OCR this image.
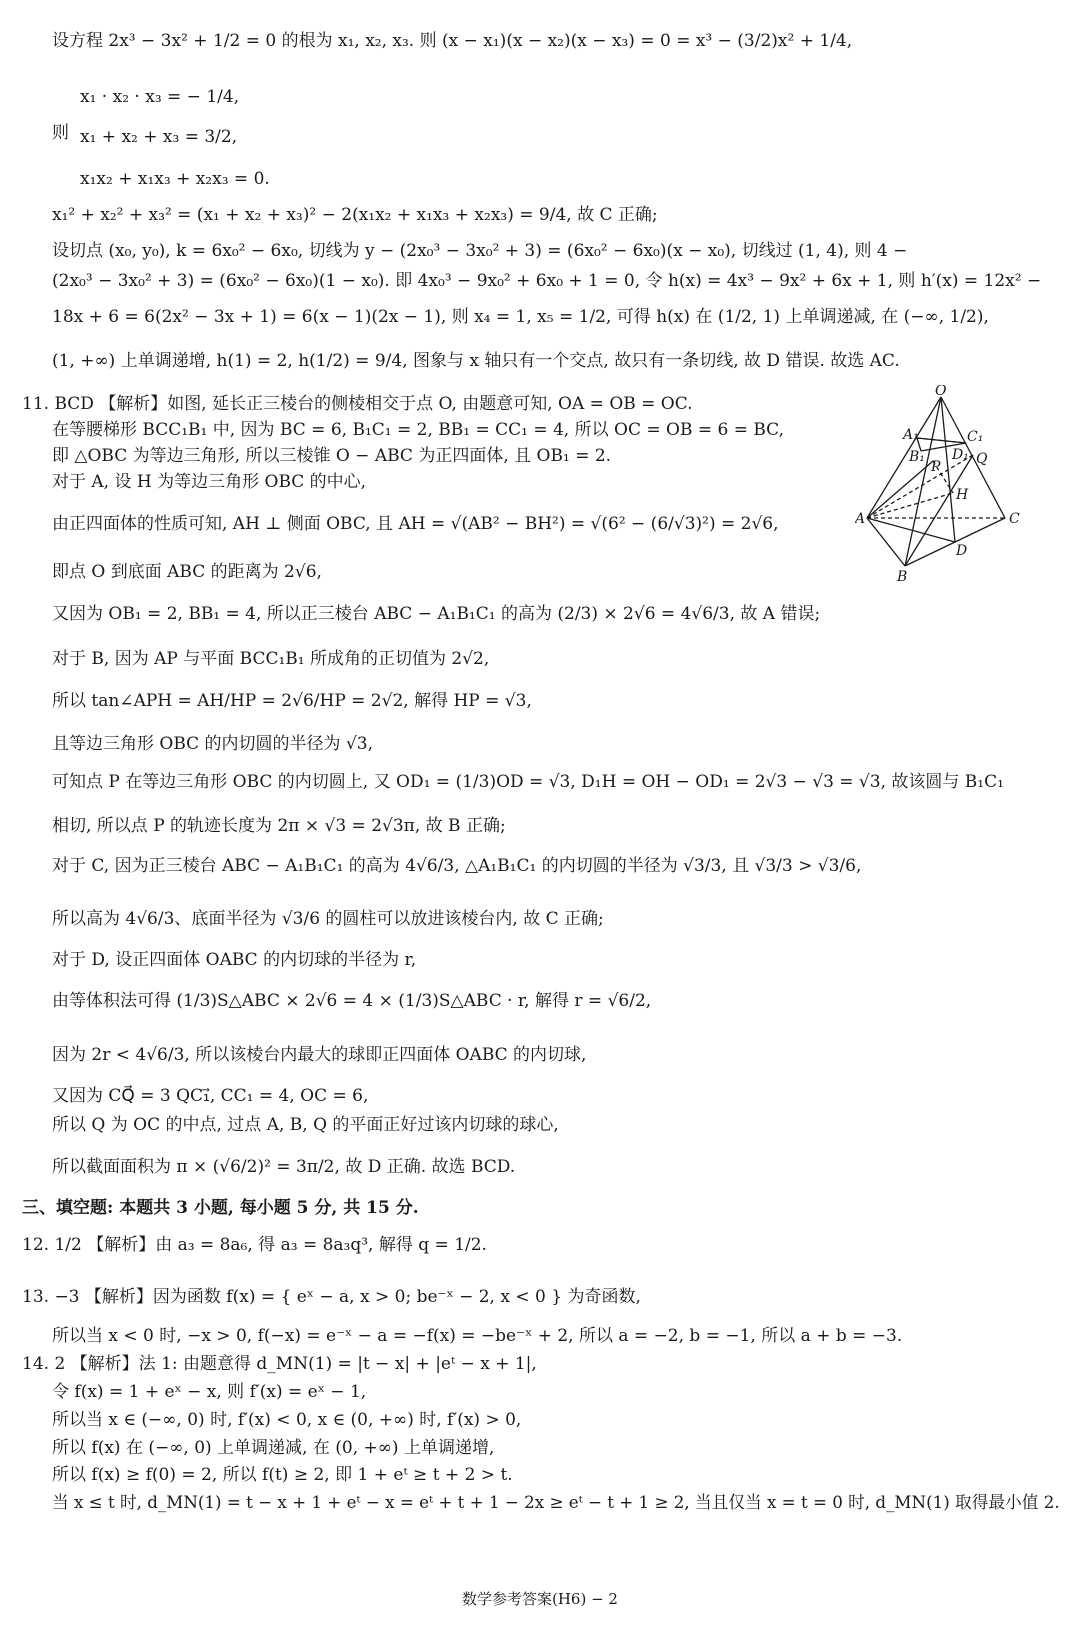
设方程 2x³ − 3x² + 1/2 = 0 的根为 x₁, x₂, x₃. 则 (x − x₁)(x − x₂)(x − x₃) = 0 = x³ − (3/2)x² + 1/4,
x₁ · x₂ · x₃ = − 1/4,
则 x₁ + x₂ + x₃ = 3/2,
x₁x₂ + x₁x₃ + x₂x₃ = 0.
x₁² + x₂² + x₃² = (x₁ + x₂ + x₃)² − 2(x₁x₂ + x₁x₃ + x₂x₃) = 9/4, 故 C 正确;
设切点 (x₀, y₀), k = 6x₀² − 6x₀, 切线为 y − (2x₀³ − 3x₀² + 3) = (6x₀² − 6x₀)(x − x₀), 切线过 (1, 4), 则 4 −
(2x₀³ − 3x₀² + 3) = (6x₀² − 6x₀)(1 − x₀). 即 4x₀³ − 9x₀² + 6x₀ + 1 = 0, 令 h(x) = 4x³ − 9x² + 6x + 1, 则 h′(x) = 12x² −
18x + 6 = 6(2x² − 3x + 1) = 6(x − 1)(2x − 1), 则 x₄ = 1, x₅ = 1/2, 可得 h(x) 在 (1/2, 1) 上单调递减, 在 (−∞, 1/2),
(1, +∞) 上单调递增, h(1) = 2, h(1/2) = 9/4, 图象与 x 轴只有一个交点, 故只有一条切线, 故 D 错误. 故选 AC.
11. BCD 【解析】如图, 延长正三棱台的侧棱相交于点 O, 由题意可知, OA = OB = OC.
在等腰梯形 BCC₁B₁ 中, 因为 BC = 6, B₁C₁ = 2, BB₁ = CC₁ = 4, 所以 OC = OB = 6 = BC,
即 △OBC 为等边三角形, 所以三棱锥 O − ABC 为正四面体, 且 OB₁ = 2.
对于 A, 设 H 为等边三角形 OBC 的中心,
由正四面体的性质可知, AH ⊥ 侧面 OBC, 且 AH = √(AB² − BH²) = √(6² − (6/√3)²) = 2√6,
即点 O 到底面 ABC 的距离为 2√6,
又因为 OB₁ = 2, BB₁ = 4, 所以正三棱台 ABC − A₁B₁C₁ 的高为 (2/3) × 2√6 = 4√6/3, 故 A 错误;
对于 B, 因为 AP 与平面 BCC₁B₁ 所成角的正切值为 2√2,
所以 tan∠APH = AH/HP = 2√6/HP = 2√2, 解得 HP = √3,
且等边三角形 OBC 的内切圆的半径为 √3,
可知点 P 在等边三角形 OBC 的内切圆上, 又 OD₁ = (1/3)OD = √3, D₁H = OH − OD₁ = 2√3 − √3 = √3, 故该圆与 B₁C₁
相切, 所以点 P 的轨迹长度为 2π × √3 = 2√3π, 故 B 正确;
对于 C, 因为正三棱台 ABC − A₁B₁C₁ 的高为 4√6/3, △A₁B₁C₁ 的内切圆的半径为 √3/3, 且 √3/3 > √3/6,
所以高为 4√6/3、底面半径为 √3/6 的圆柱可以放进该棱台内, 故 C 正确;
对于 D, 设正四面体 OABC 的内切球的半径为 r,
由等体积法可得 (1/3)S△ABC × 2√6 = 4 × (1/3)S△ABC · r, 解得 r = √6/2,
因为 2r < 4√6/3, 所以该棱台内最大的球即正四面体 OABC 的内切球,
又因为 CQ⃗ = 3 QC₁⃗, CC₁ = 4, OC = 6,
所以 Q 为 OC 的中点, 过点 A, B, Q 的平面正好过该内切球的球心,
所以截面面积为 π × (√6/2)² = 3π/2, 故 D 正确. 故选 BCD.
三、填空题: 本题共 3 小题, 每小题 5 分, 共 15 分.
12. 1/2 【解析】由 a₃ = 8a₆, 得 a₃ = 8a₃q³, 解得 q = 1/2.
13. −3 【解析】因为函数 f(x) = { eˣ − a, x > 0; be⁻ˣ − 2, x < 0 } 为奇函数,
所以当 x < 0 时, −x > 0, f(−x) = e⁻ˣ − a = −f(x) = −be⁻ˣ + 2, 所以 a = −2, b = −1, 所以 a + b = −3.
14. 2 【解析】法 1: 由题意得 d_MN(1) = |t − x| + |eᵗ − x + 1|,
令 f(x) = 1 + eˣ − x, 则 f′(x) = eˣ − 1,
所以当 x ∈ (−∞, 0) 时, f′(x) < 0, x ∈ (0, +∞) 时, f′(x) > 0,
所以 f(x) 在 (−∞, 0) 上单调递减, 在 (0, +∞) 上单调递增,
所以 f(x) ≥ f(0) = 2, 所以 f(t) ≥ 2, 即 1 + eᵗ ≥ t + 2 > t.
当 x ≤ t 时, d_MN(1) = t − x + 1 + eᵗ − x = eᵗ + t + 1 − 2x ≥ eᵗ − t + 1 ≥ 2, 当且仅当 x = t = 0 时, d_MN(1) 取得最小值 2.
O
A₁	C₁
B₁
P
D₁ Q
H
A	C
D
B
数学参考答案(H6) − 2
